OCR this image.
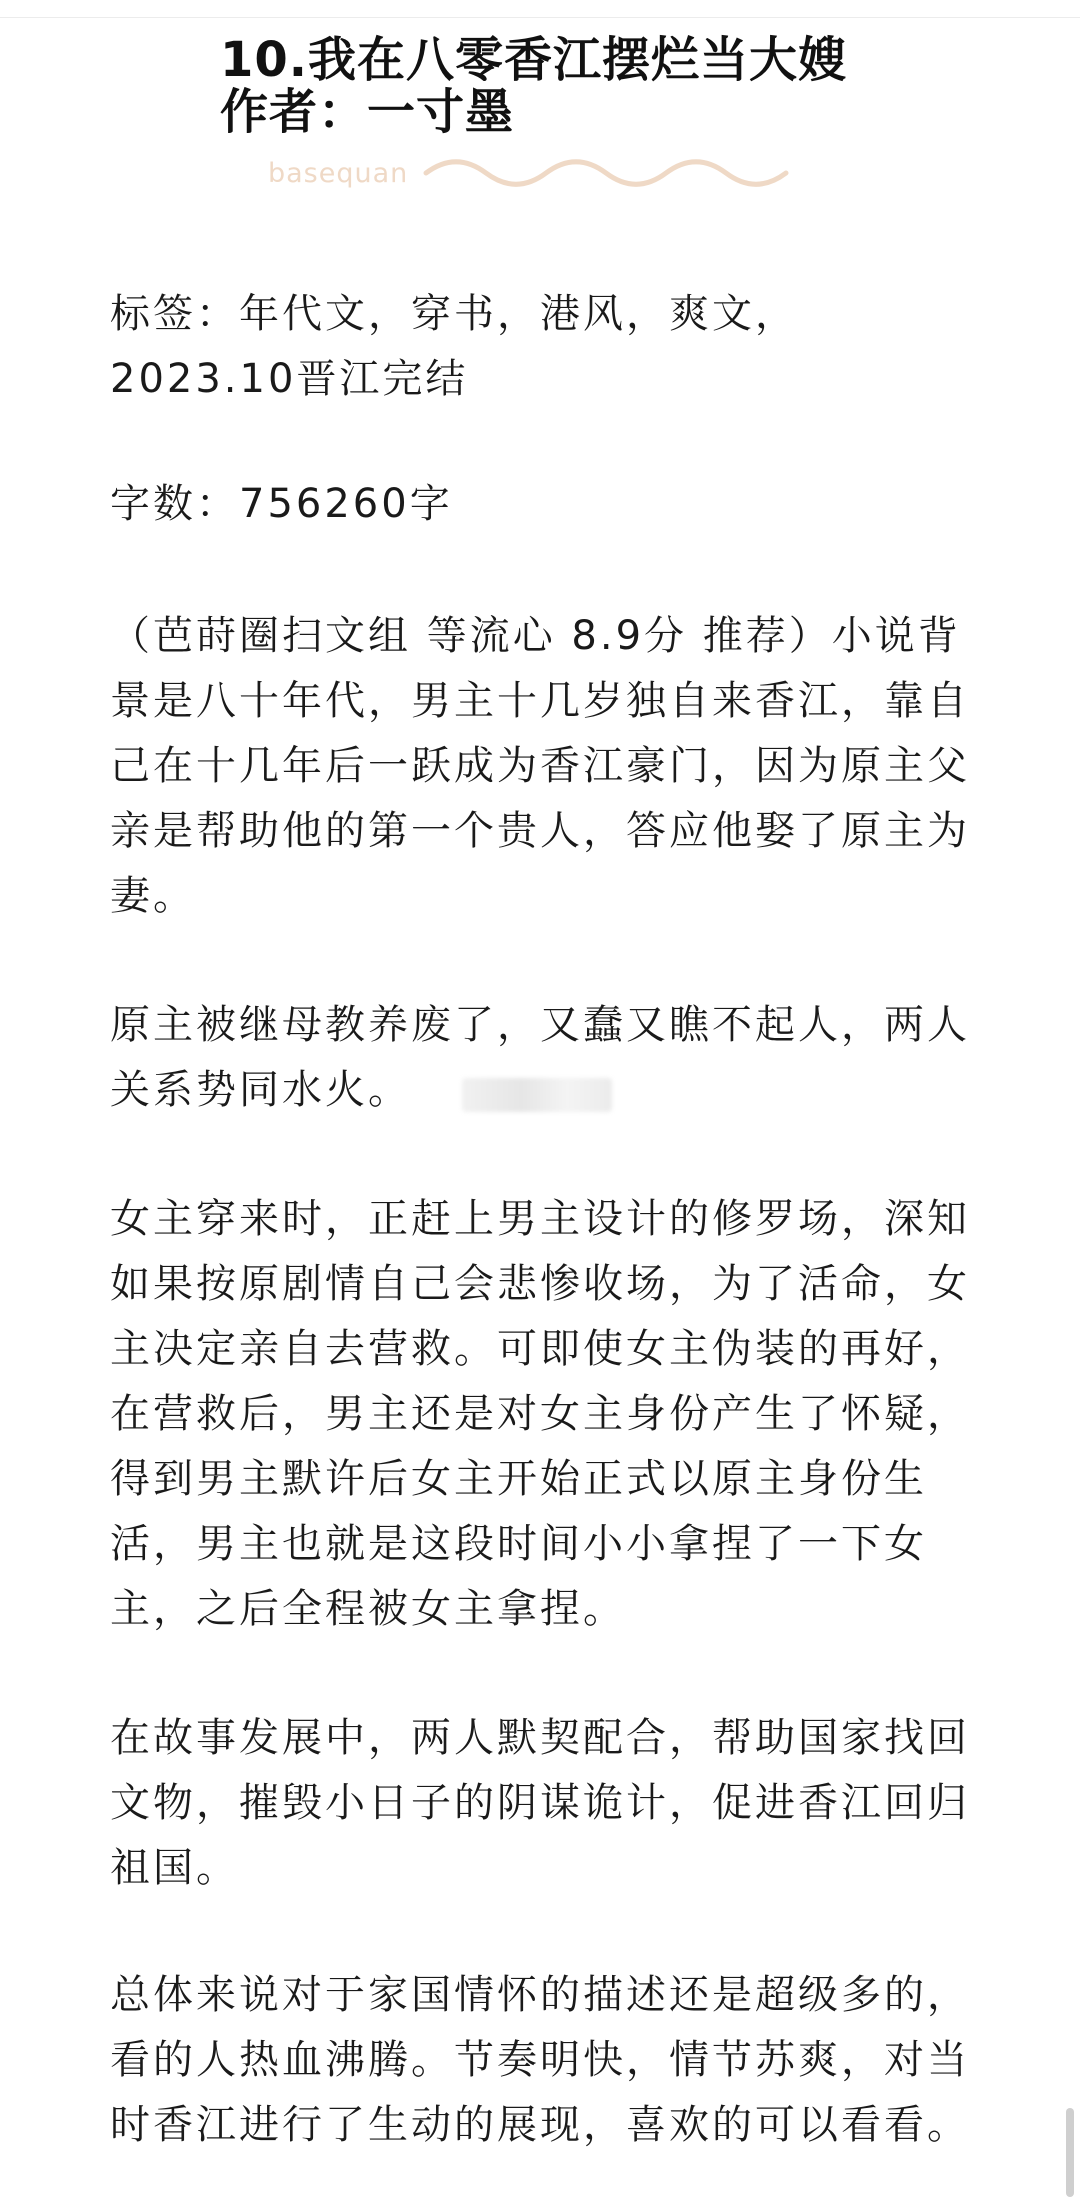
10.我在八零香江摆烂当大嫂
作者：一寸墨
basequan

标签：年代文，穿书，港风，爽文，2023.10晋江完结

字数：756260字

（芭莳圈扫文组 等流心 8.9分 推荐）小说背景是八十年代，男主十几岁独自来香江，靠自己在十几年后一跃成为香江豪门，因为原主父亲是帮助他的第一个贵人，答应他娶了原主为妻。

原主被继母教养废了，又蠢又瞧不起人，两人关系势同水火。

女主穿来时，正赶上男主设计的修罗场，深知如果按原剧情自己会悲惨收场，为了活命，女主决定亲自去营救。可即使女主伪装的再好，在营救后，男主还是对女主身份产生了怀疑，得到男主默许后女主开始正式以原主身份生活，男主也就是这段时间小小拿捏了一下女主，之后全程被女主拿捏。

在故事发展中，两人默契配合，帮助国家找回文物，摧毁小日子的阴谋诡计，促进香江回归祖国。

总体来说对于家国情怀的描述还是超级多的，看的人热血沸腾。节奏明快，情节苏爽，对当时香江进行了生动的展现，喜欢的可以看看。
